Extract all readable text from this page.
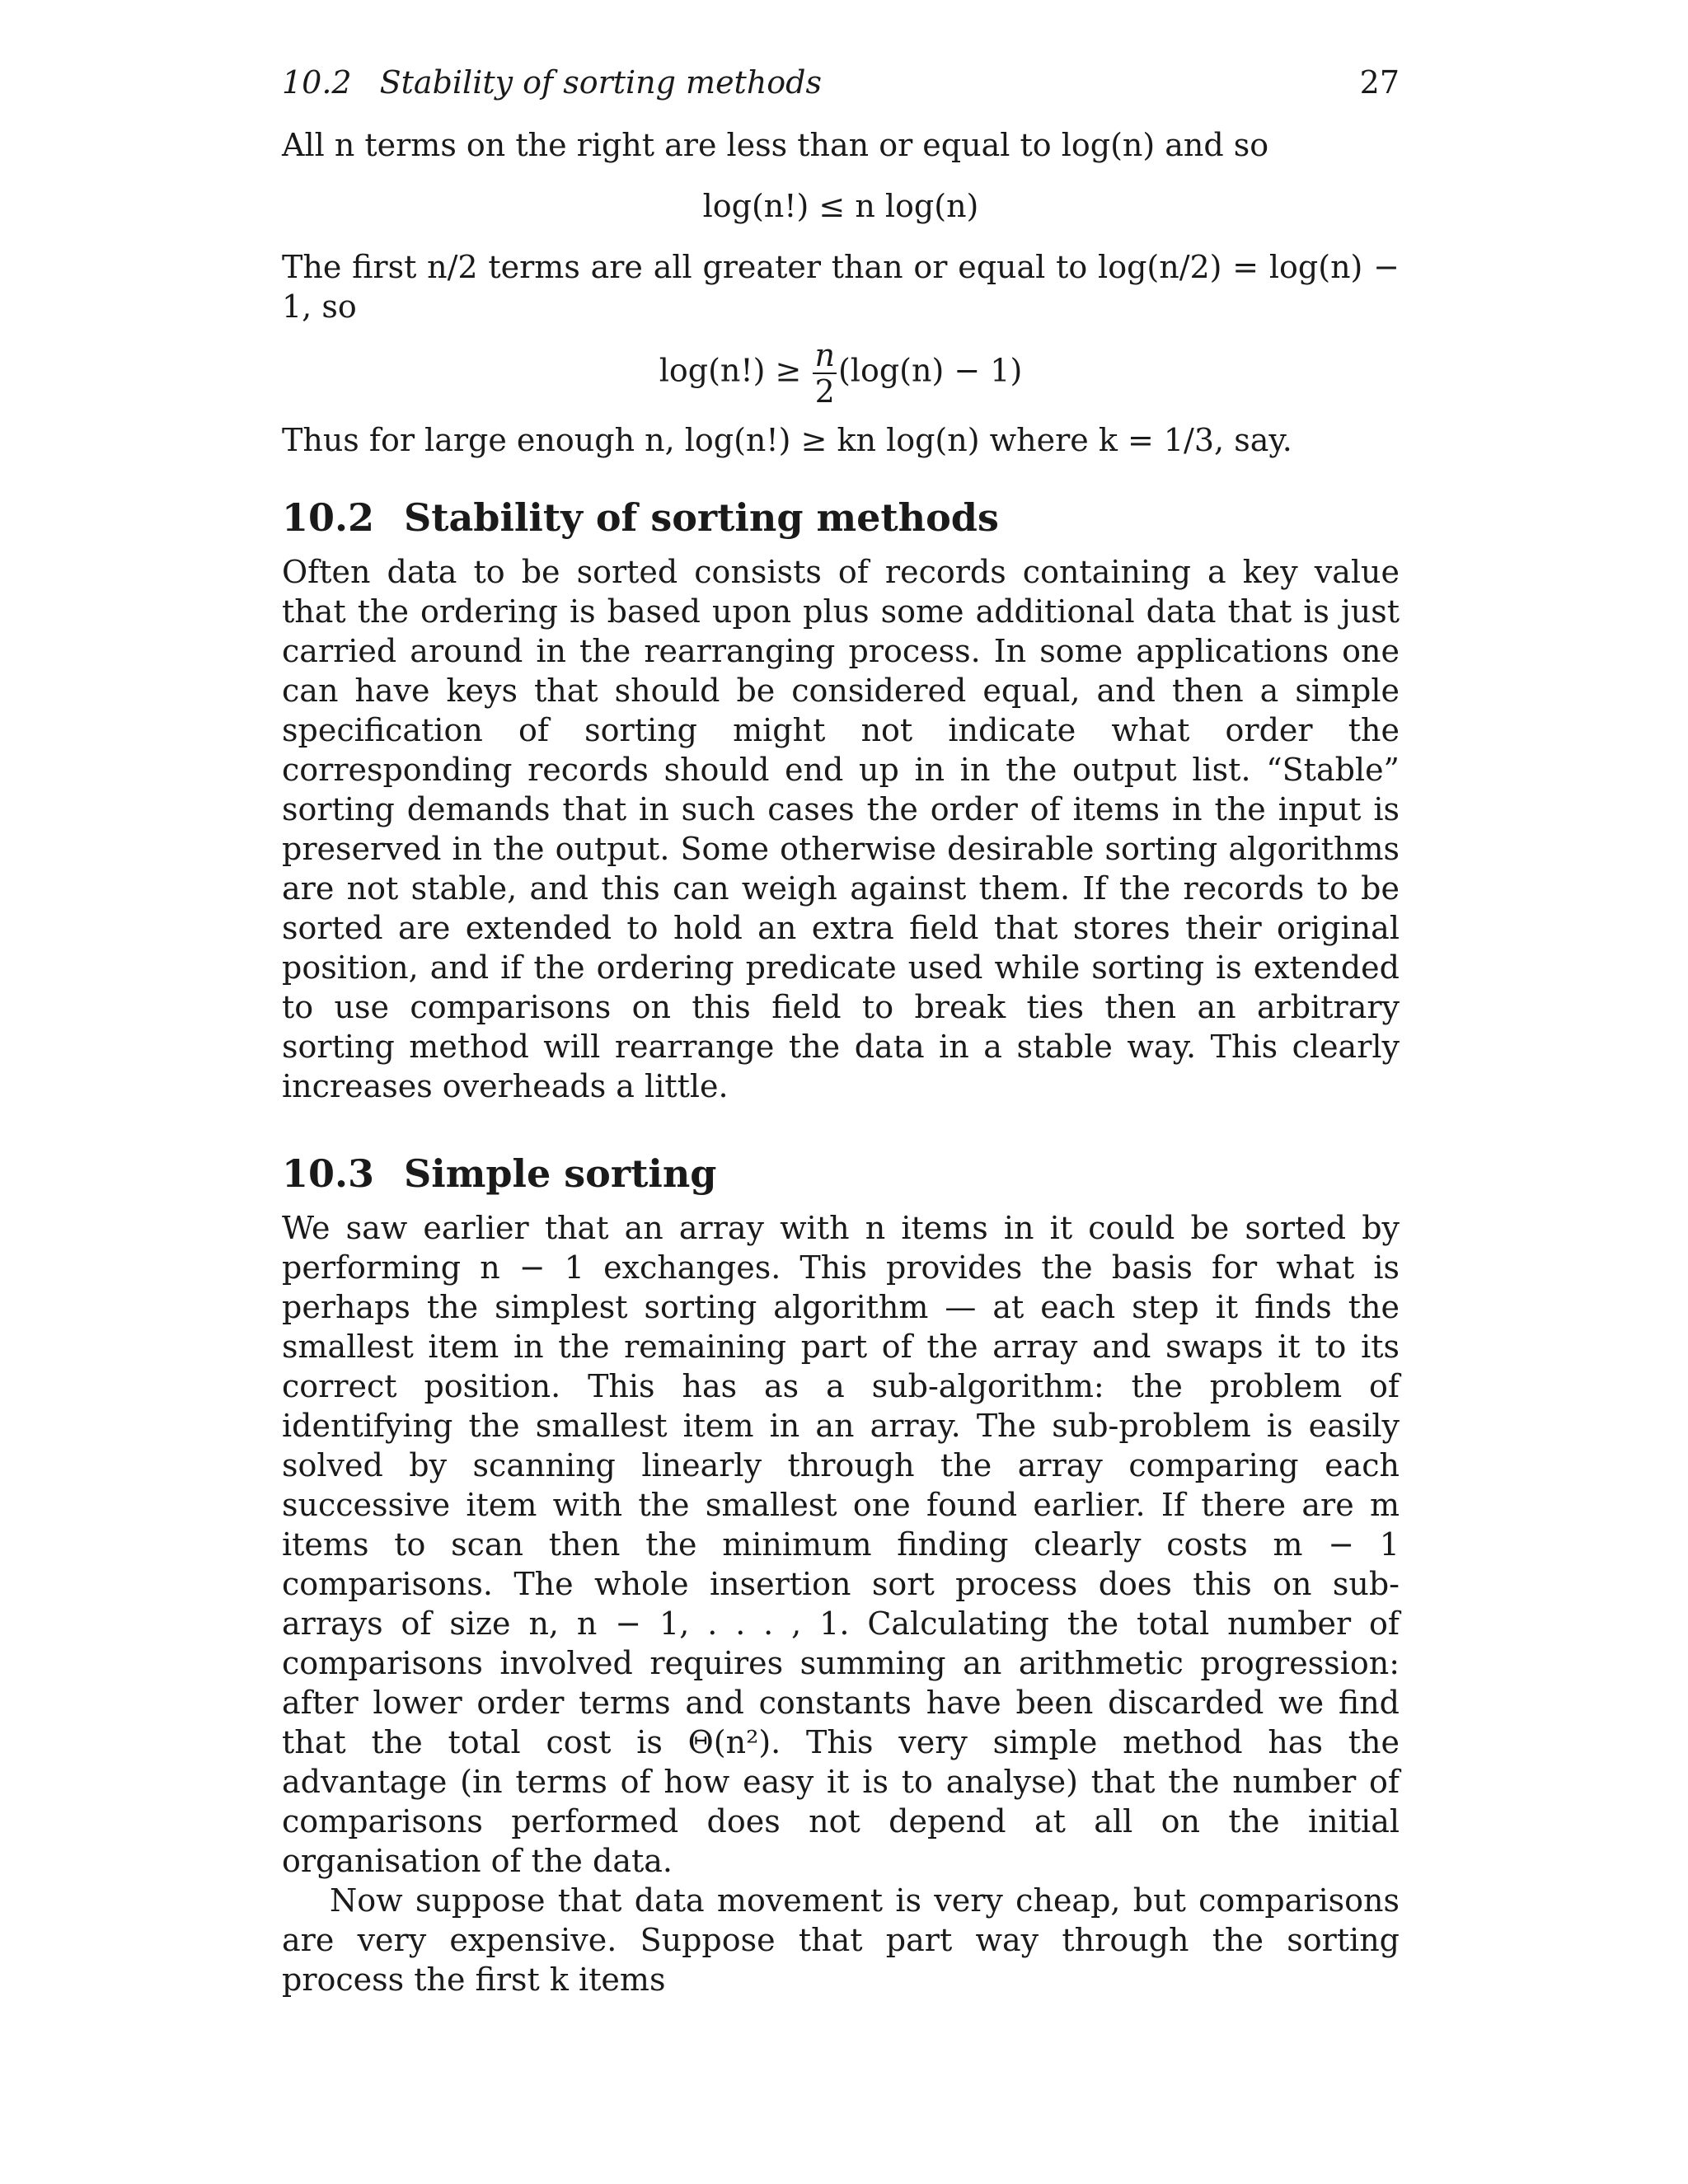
10.2 Stability of sorting methods	27

All n terms on the right are less than or equal to log(n) and so

log(n!) ≤ n log(n)

The first n/2 terms are all greater than or equal to log(n/2) = log(n) − 1, so

$\log(n!) \ge \frac{n}{2} (\log(n) - 1)$

Thus for large enough n, log(n!) ≥ kn log(n) where k = 1/3, say.

10.2 Stability of sorting methods

Often data to be sorted consists of records containing a key value that the ordering is based upon plus some additional data that is just carried around in the rearranging process. In some applications one can have keys that should be considered equal, and then a simple specification of sorting might not indicate what order the corresponding records should end up in in the output list. “Stable” sorting demands that in such cases the order of items in the input is preserved in the output. Some otherwise desirable sorting algorithms are not stable, and this can weigh against them. If the records to be sorted are extended to hold an extra field that stores their original position, and if the ordering predicate used while sorting is extended to use comparisons on this field to break ties then an arbitrary sorting method will rearrange the data in a stable way. This clearly increases overheads a little.

10.3 Simple sorting

We saw earlier that an array with n items in it could be sorted by performing n − 1 exchanges. This provides the basis for what is perhaps the simplest sorting algorithm — at each step it finds the smallest item in the remaining part of the array and swaps it to its correct position. This has as a sub-algorithm: the problem of identifying the smallest item in an array. The sub-problem is easily solved by scanning linearly through the array comparing each successive item with the smallest one found earlier. If there are m items to scan then the minimum finding clearly costs m − 1 comparisons. The whole insertion sort process does this on sub-arrays of size n, n − 1, . . . , 1. Calculating the total number of comparisons involved requires summing an arithmetic progression: after lower order terms and constants have been discarded we find that the total cost is Θ(n²). This very simple method has the advantage (in terms of how easy it is to analyse) that the number of comparisons performed does not depend at all on the initial organisation of the data.

Now suppose that data movement is very cheap, but comparisons are very expensive. Suppose that part way through the sorting process the first k items
